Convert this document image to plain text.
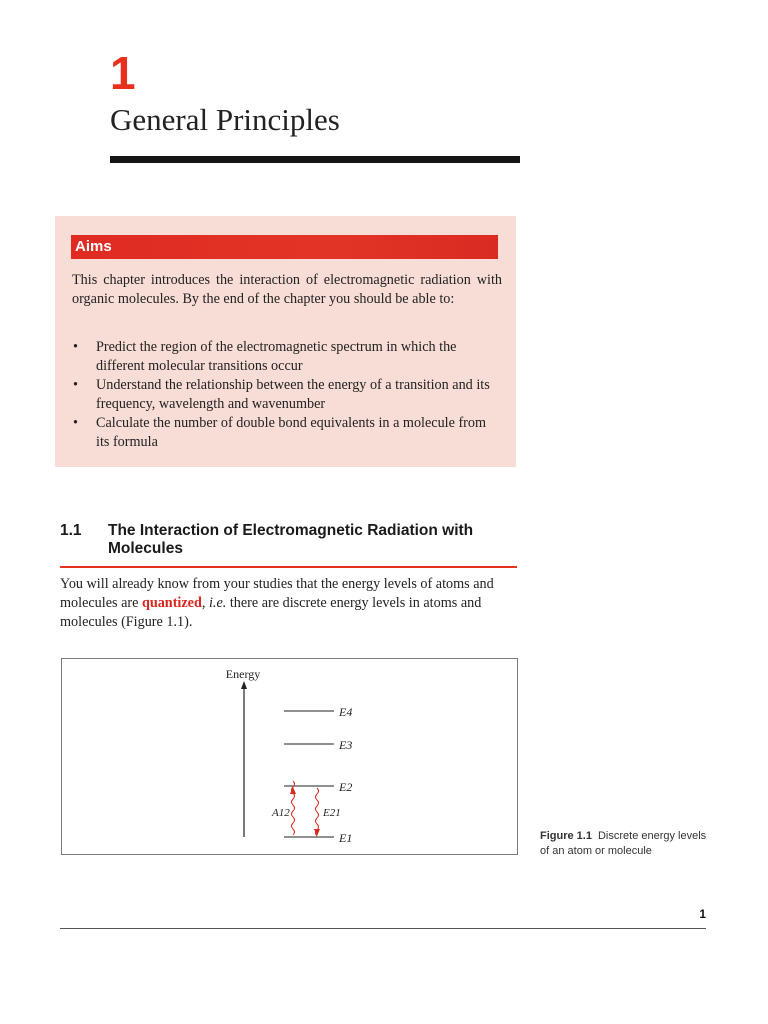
1
General Principles
Aims

This chapter introduces the interaction of electromagnetic radiation with organic molecules. By the end of the chapter you should be able to:

• Predict the region of the electromagnetic spectrum in which the different molecular transitions occur
• Understand the relationship between the energy of a transition and its frequency, wavelength and wavenumber
• Calculate the number of double bond equivalents in a molecule from its formula
1.1 The Interaction of Electromagnetic Radiation with Molecules

You will already know from your studies that the energy levels of atoms and molecules are quantized, i.e. there are discrete energy levels in atoms and molecules (Figure 1.1).

Energy
E4
E3
E2
E1
A12	E21
Figure 1.1 Discrete energy levels of an atom or molecule
1
